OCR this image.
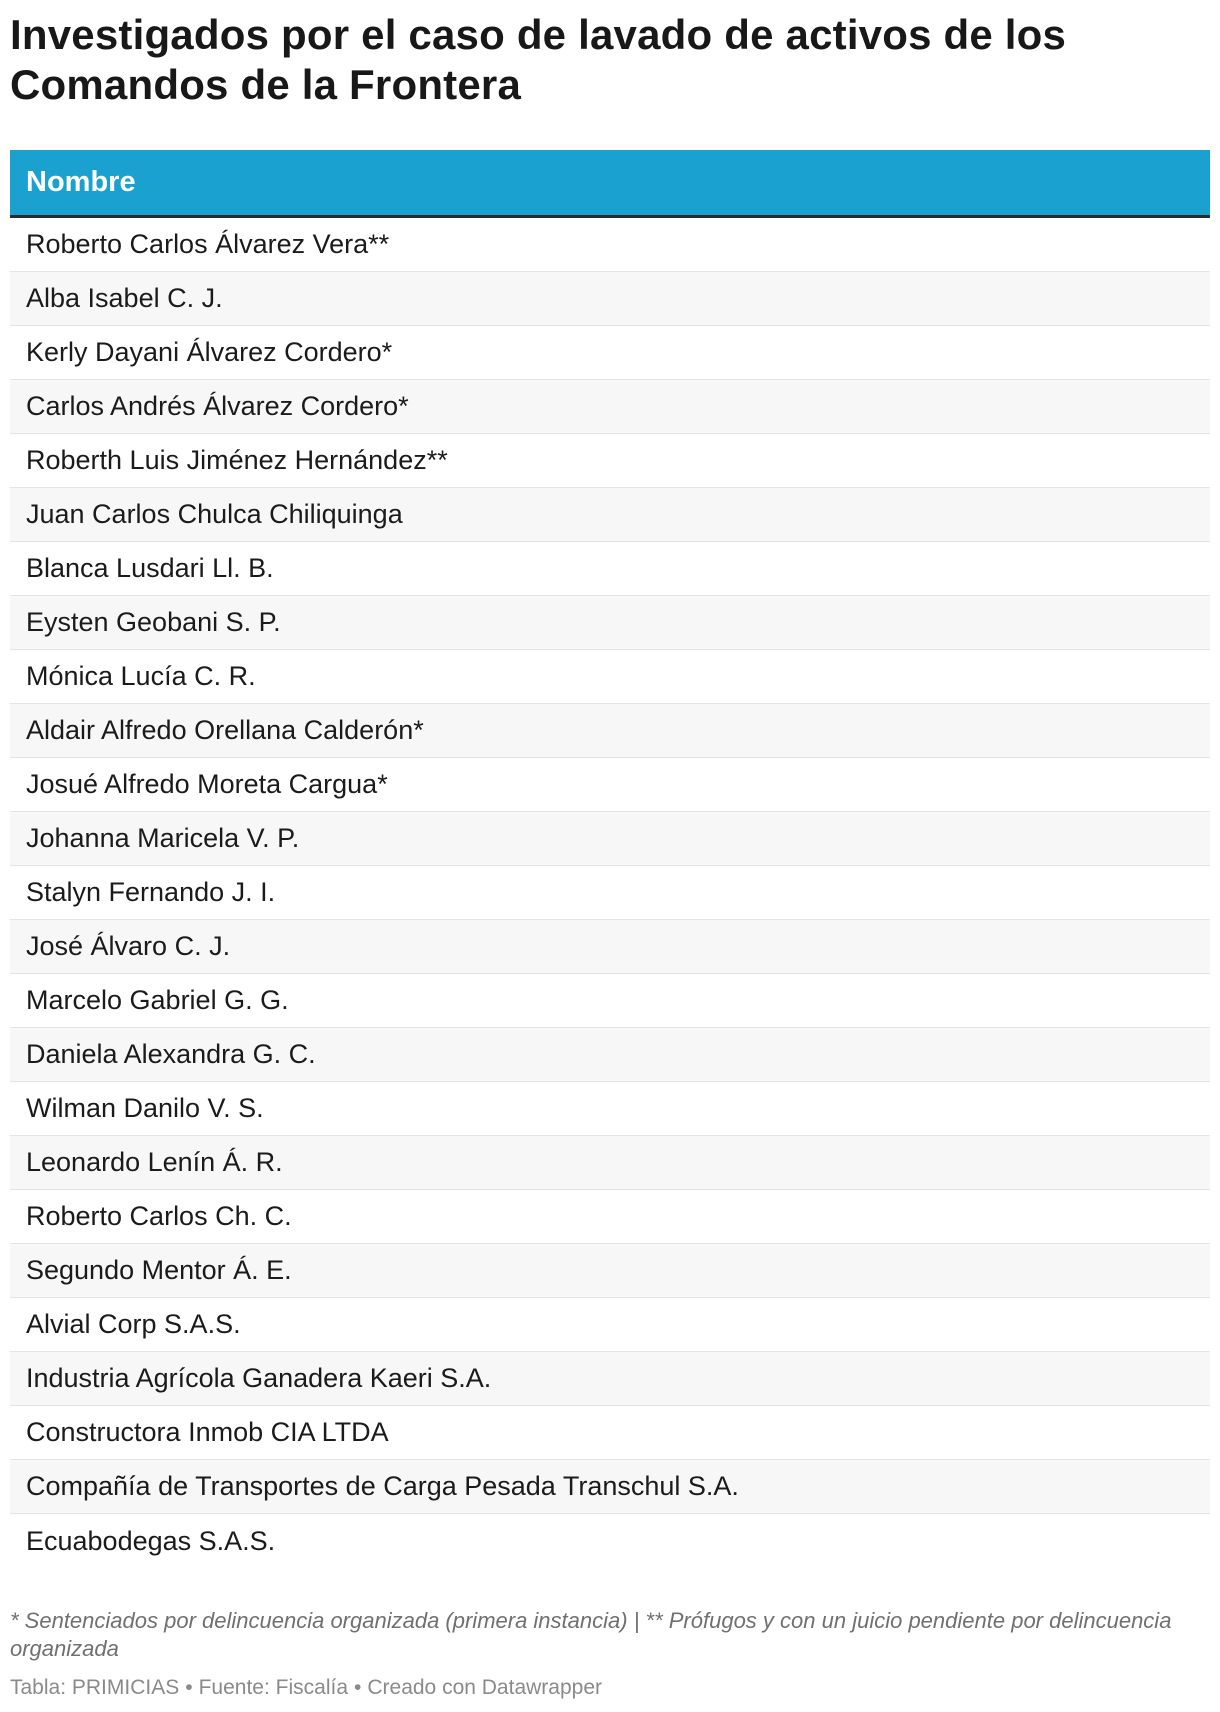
Investigados por el caso de lavado de activos de los Comandos de la Frontera
Nombre
Roberto Carlos Álvarez Vera**
Alba Isabel C. J.
Kerly Dayani Álvarez Cordero*
Carlos Andrés Álvarez Cordero*
Roberth Luis Jiménez Hernández**
Juan Carlos Chulca Chiliquinga
Blanca Lusdari Ll. B.
Eysten Geobani S. P.
Mónica Lucía C. R.
Aldair Alfredo Orellana Calderón*
Josué Alfredo Moreta Cargua*
Johanna Maricela V. P.
Stalyn Fernando J. I.
José Álvaro C. J.
Marcelo Gabriel G. G.
Daniela Alexandra G. C.
Wilman Danilo V. S.
Leonardo Lenín Á. R.
Roberto Carlos Ch. C.
Segundo Mentor Á. E.
Alvial Corp S.A.S.
Industria Agrícola Ganadera Kaeri S.A.
Constructora Inmob CIA LTDA
Compañía de Transportes de Carga Pesada Transchul S.A.
Ecuabodegas S.A.S.

* Sentenciados por delincuencia organizada (primera instancia) | ** Prófugos y con un juicio pendiente por delincuencia organizada

Tabla: PRIMICIAS • Fuente: Fiscalía • Creado con Datawrapper
